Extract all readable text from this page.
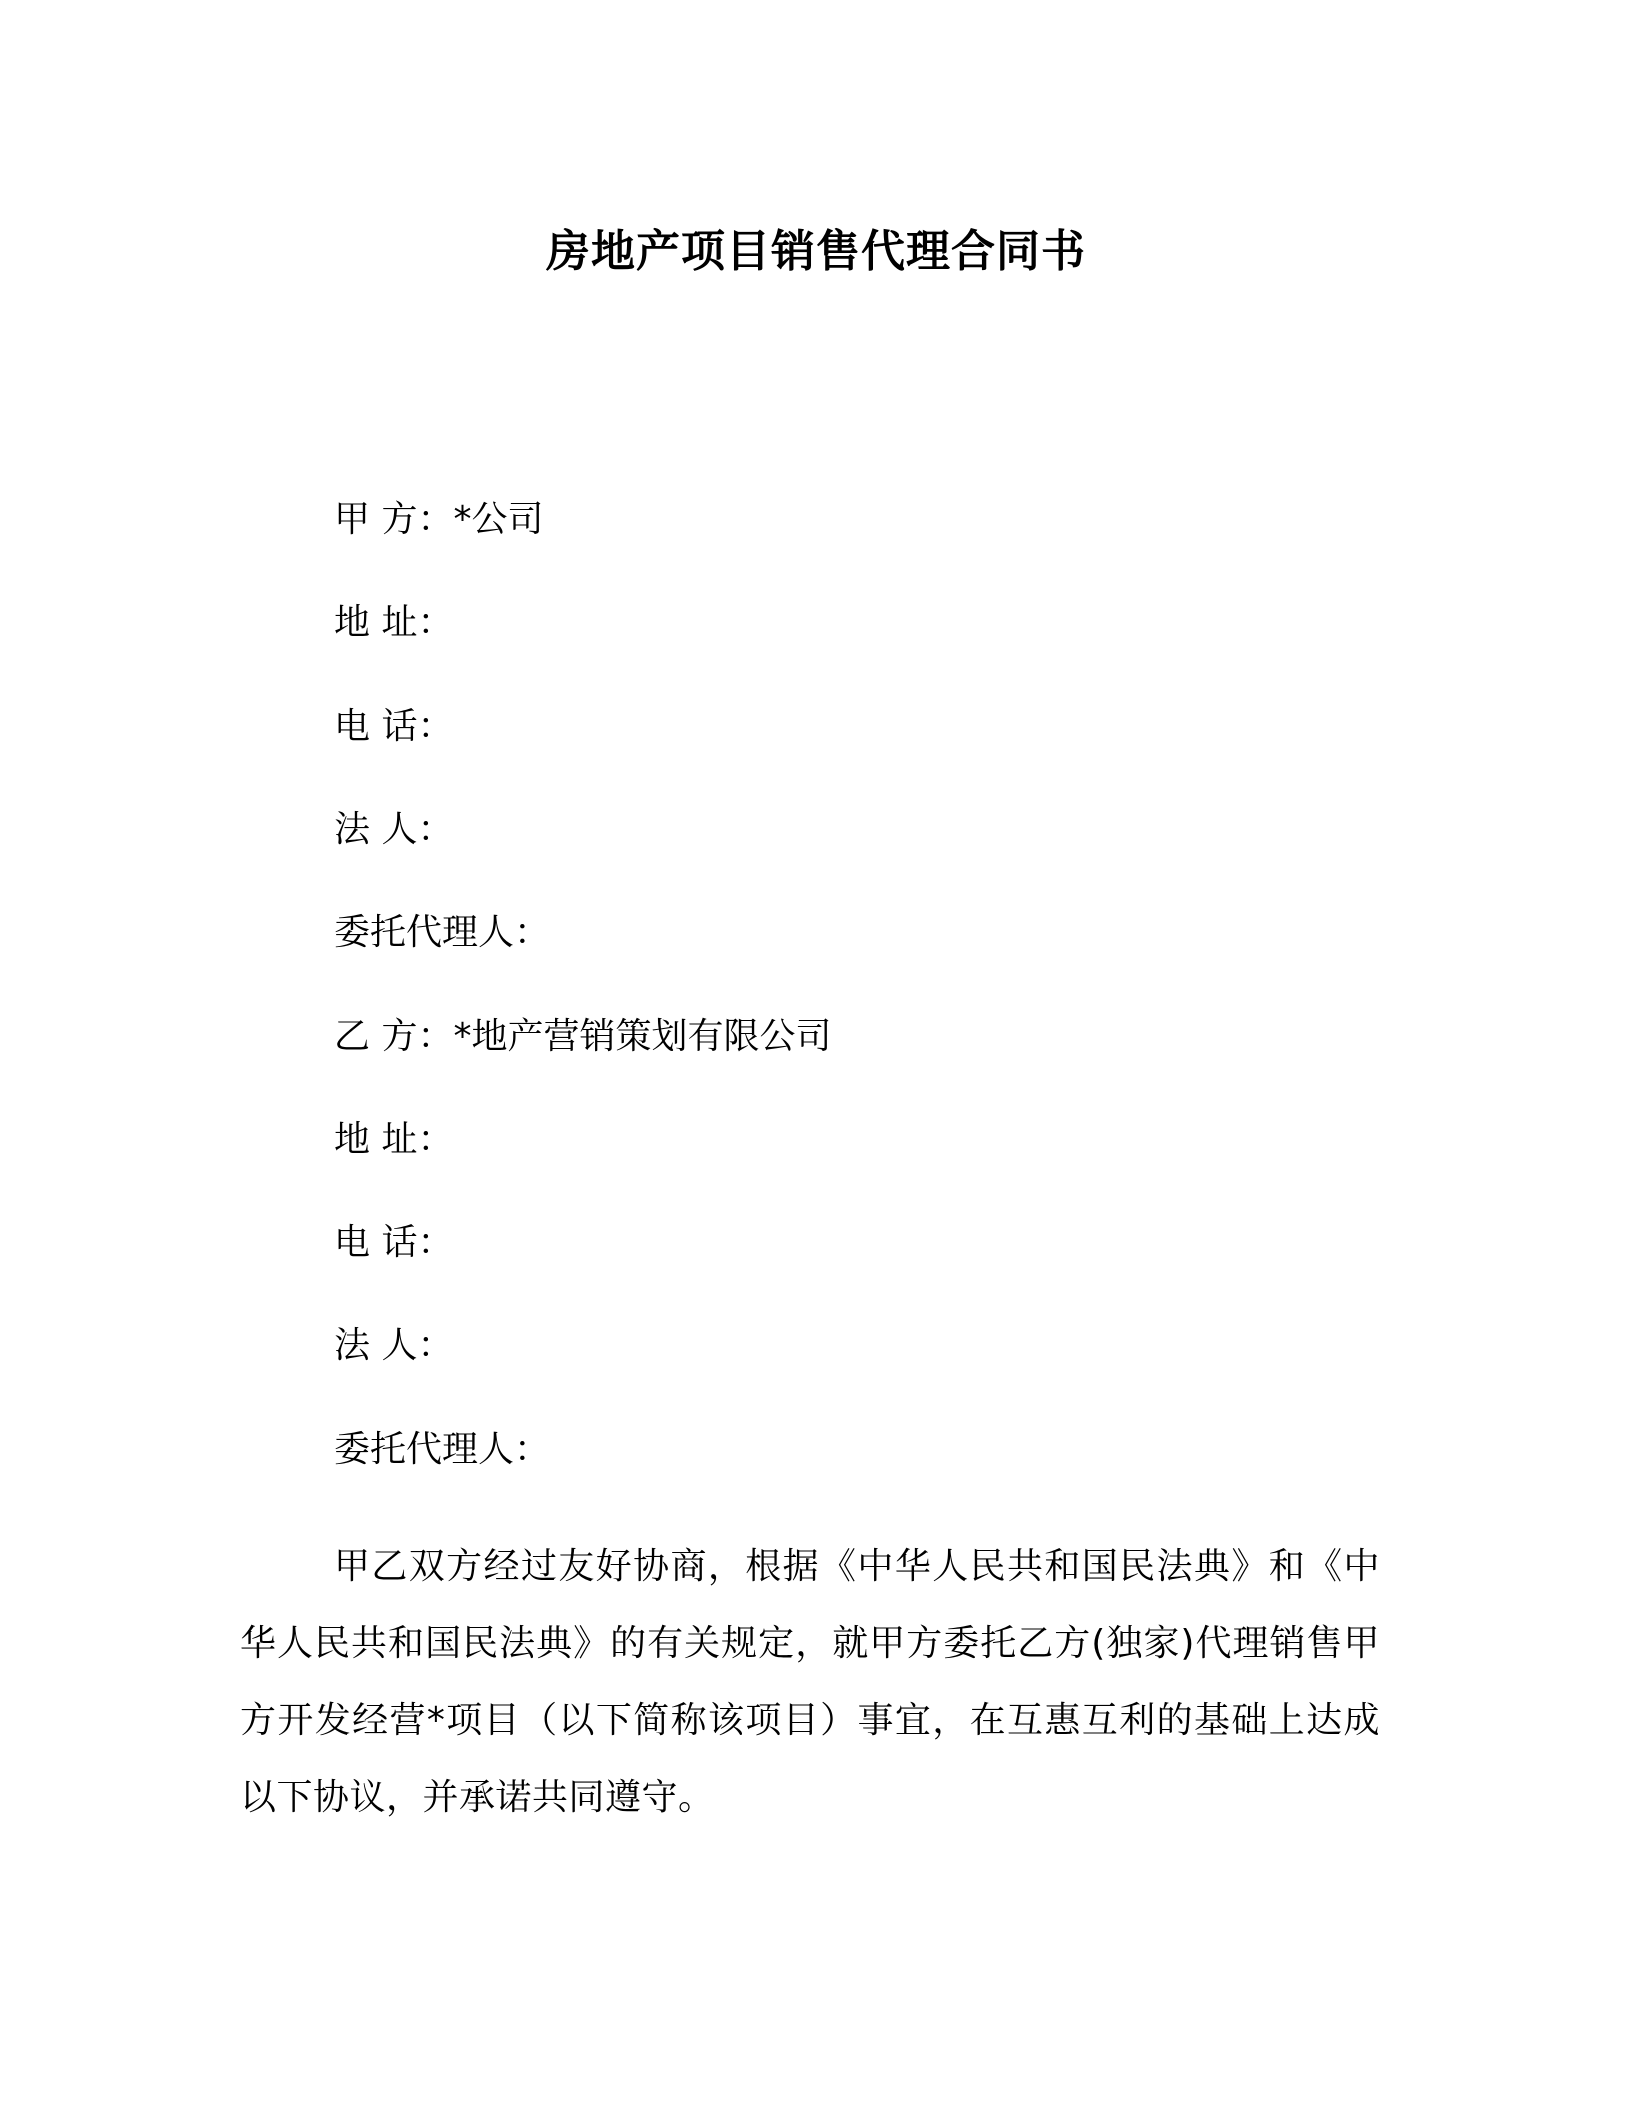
房地产项目销售代理合同书
甲 方：*公司
地 址：
电 话：
法 人：
委托代理人：
乙 方：*地产营销策划有限公司
地 址：
电 话：
法 人：
委托代理人：
甲乙双方经过友好协商，根据《中华人民共和国民法典》和《中华人民共和国民法典》的有关规定，就甲方委托乙方(独家)代理销售甲方开发经营*项目（以下简称该项目）事宜，在互惠互利的基础上达成以下协议，并承诺共同遵守。
